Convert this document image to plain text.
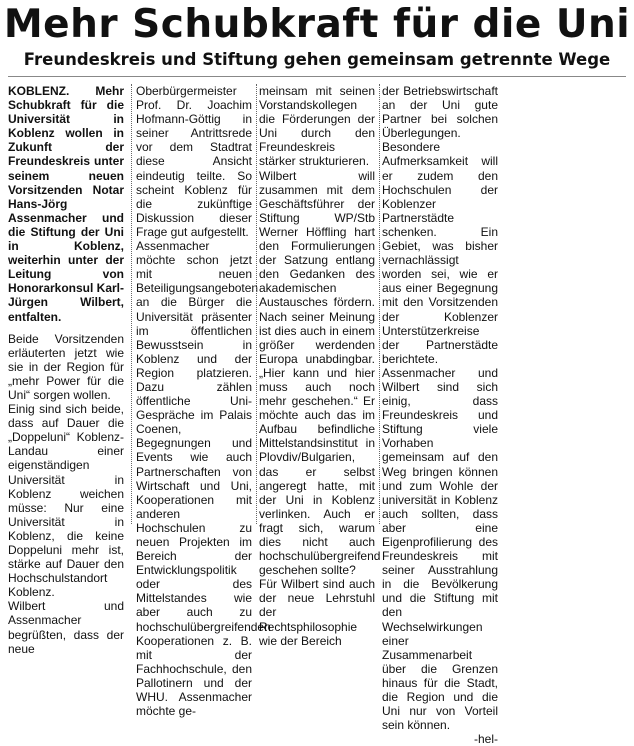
Mehr Schubkraft für die Uni
Freundeskreis und Stiftung gehen gemeinsam getrennte Wege

KOBLENZ. Mehr Schubkraft für die Universität in Koblenz wollen in Zukunft der Freundeskreis unter seinem neuen Vorsitzenden Notar Hans-Jörg Assenmacher und die Stiftung der Uni in Koblenz, weiterhin unter der Leitung von Honorarkonsul Karl-Jürgen Wilbert, entfalten.

Beide Vorsitzenden erläuterten jetzt wie sie in der Region für „mehr Power für die Uni“ sorgen wollen.

Einig sind sich beide, dass auf Dauer die „Doppeluni“ Koblenz-Landau einer eigenständigen Universität in Koblenz weichen müsse: Nur eine Universität in Koblenz, die keine Doppeluni mehr ist, stärke auf Dauer den Hochschulstandort Koblenz.

Wilbert und Assenmacher begrüßten, dass der neue

Oberbürgermeister Prof. Dr. Joachim Hofmann-Göttig in seiner Antrittsrede vor dem Stadtrat diese Ansicht eindeutig teilte. So scheint Koblenz für die zukünftige Diskussion dieser Frage gut aufgestellt.

Assenmacher möchte schon jetzt mit neuen Beteiligungsangeboten an die Bürger die Universität präsenter im öffentlichen Bewusstsein in Koblenz und der Region platzieren. Dazu zählen öffentliche Uni-Gespräche im Palais Coenen, Begegnungen und Events wie auch Partnerschaften von Wirtschaft und Uni, Kooperationen mit anderen Hochschulen zu neuen Projekten im Bereich der Entwicklungspolitik oder des Mittelstandes wie aber auch zu hochschulübergreifenden Kooperationen z. B. mit der Fachhochschule, den Pallotinern und der WHU. Assenmacher möchte ge-

meinsam mit seinen Vorstandskollegen die Förderungen der Uni durch den Freundeskreis stärker strukturieren.

Wilbert will zusammen mit dem Geschäftsführer der Stiftung WP/Stb Werner Höffling hart den Formulierungen der Satzung entlang den Gedanken des akademischen Austausches fördern. Nach seiner Meinung ist dies auch in einem größer werdenden Europa unabdingbar. „Hier kann und hier muss auch noch mehr geschehen.“ Er möchte auch das im Aufbau befindliche Mittelstandsinstitut in Plovdiv/Bulgarien, das er selbst angeregt hatte, mit der Uni in Koblenz verlinken. Auch er fragt sich, warum dies nicht auch hochschulübergreifend geschehen sollte?

Für Wilbert sind auch der neue Lehrstuhl der Rechtsphilosophie wie der Bereich

der Betriebswirtschaft an der Uni gute Partner bei solchen Überlegungen. Besondere Aufmerksamkeit will er zudem den Hochschulen der Koblenzer Partnerstädte schenken. Ein Gebiet, was bisher vernachlässigt worden sei, wie er aus einer Begegnung mit den Vorsitzenden der Koblenzer Unterstützerkreise der Partnerstädte berichtete.

Assenmacher und Wilbert sind sich einig, dass Freundeskreis und Stiftung viele Vorhaben gemeinsam auf den Weg bringen können und zum Wohle der universität in Koblenz auch sollten, dass aber eine Eigenprofilierung des Freundeskreis mit seiner Ausstrahlung in die Bevölkerung und die Stiftung mit den Wechselwirkungen einer Zusammenarbeit über die Grenzen hinaus für die Stadt, die Region und die Uni nur von Vorteil sein können.

-hel-
